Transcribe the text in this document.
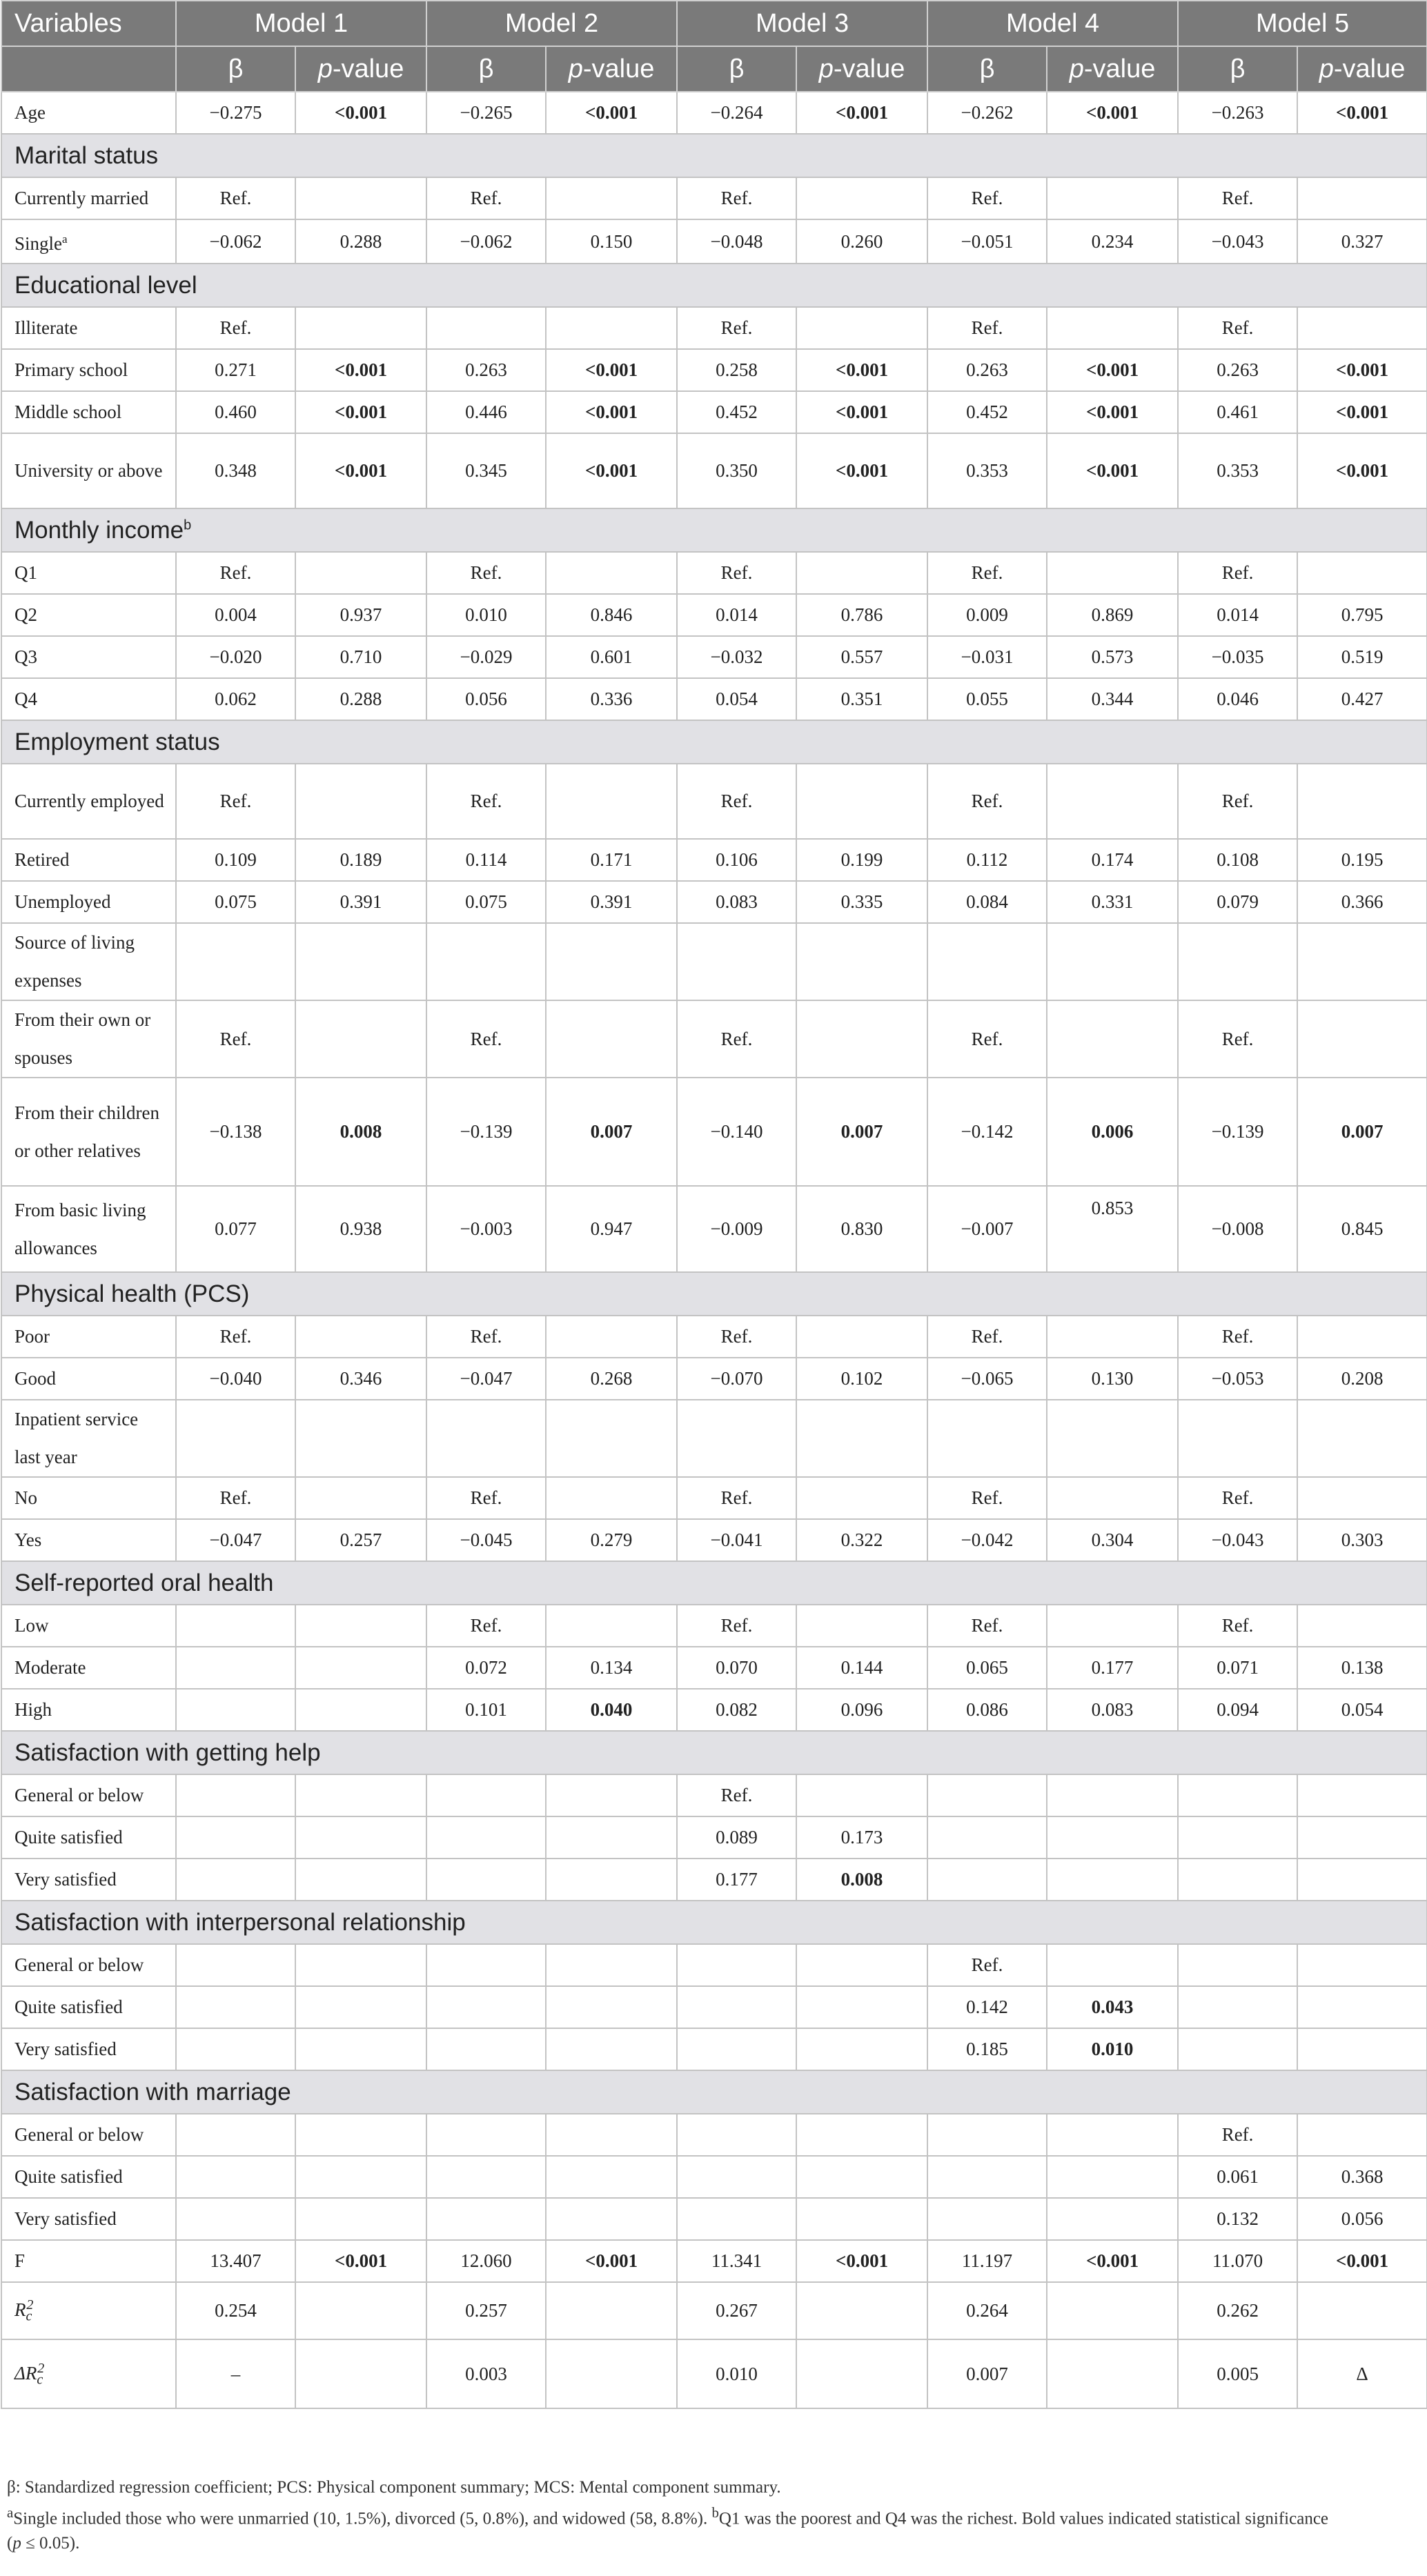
Variables	Model 1		Model 2		Model 3		Model 4		Model 5	
	β	p-value	β	p-value	β	p-value	β	p-value	β	p-value
Age	−0.275	<0.001	−0.265	<0.001	−0.264	<0.001	−0.262	<0.001	−0.263	<0.001
Marital status										
Currently married	Ref.		Ref.		Ref.		Ref.		Ref.	
Single$^a$	−0.062	0.288	−0.062	0.150	−0.048	0.260	−0.051	0.234	−0.043	0.327
Educational level										
Illiterate	Ref.				Ref.		Ref.		Ref.	
Primary school	0.271	<0.001	0.263	<0.001	0.258	<0.001	0.263	<0.001	0.263	<0.001
Middle school	0.460	<0.001	0.446	<0.001	0.452	<0.001	0.452	<0.001	0.461	<0.001
University or above	0.348	<0.001	0.345	<0.001	0.350	<0.001	0.353	<0.001	0.353	<0.001
Monthly income$^b$
Q1	Ref.		Ref.		Ref.		Ref.		Ref.	
Q2	0.004	0.937	0.010	0.846	0.014	0.786	0.009	0.869	0.014	0.795
Q3	−0.020	0.710	−0.029	0.601	−0.032	0.557	−0.031	0.573	−0.035	0.519
Q4	0.062	0.288	0.056	0.336	0.054	0.351	0.055	0.344	0.046	0.427
Employment status										
Currently employed	Ref.		Ref.		Ref.		Ref.		Ref.	
Retired	0.109	0.189	0.114	0.171	0.106	0.199	0.112	0.174	0.108	0.195
Unemployed	0.075	0.391	0.075	0.391	0.083	0.335	0.084	0.331	0.079	0.366
Source of living expenses										
From their own or spouses	Ref.		Ref.		Ref.		Ref.		Ref.	
From their children or other relatives	−0.138	0.008	−0.139	0.007	−0.140	0.007	−0.142	0.006	−0.139	0.007
From basic living allowances	0.077	0.938	−0.003	0.947	−0.009	0.830	−0.007	0.853	−0.008	0.845
Physical health (PCS)										
Poor	Ref.		Ref.		Ref.		Ref.		Ref.	
Good	−0.040	0.346	−0.047	0.268	−0.070	0.102	−0.065	0.130	−0.053	0.208
Inpatient service last year										
No	Ref.		Ref.		Ref.		Ref.		Ref.	
Yes	−0.047	0.257	−0.045	0.279	−0.041	0.322	−0.042	0.304	−0.043	0.303
Self-reported oral health										
Low			Ref.		Ref.		Ref.		Ref.	
Moderate			0.072	0.134	0.070	0.144	0.065	0.177	0.071	0.138
High			0.101	0.040	0.082	0.096	0.086	0.083	0.094	0.054
Satisfaction with getting help										
General or below					Ref.					
Quite satisfied					0.089	0.173				
Very satisfied					0.177	0.008				
Satisfaction with interpersonal relationship										
General or below							Ref.			
Quite satisfied							0.142	0.043		
Very satisfied							0.185	0.010		
Satisfaction with marriage										
General or below									Ref.	
Quite satisfied									0.061	0.368
Very satisfied									0.132	0.056
F	13.407	<0.001	12.060	<0.001	11.341	<0.001	11.197	<0.001	11.070	<0.001
$R_c^2$	0.254		0.257		0.267		0.264		0.262	
$\Delta R_c^2$	–		0.003		0.010		0.007		0.005	Δ
β: Standardized regression coefficient; PCS: Physical component summary; MCS: Mental component summary.
$^a$Single included those who were unmarried (10, 1.5%), divorced (5, 0.8%), and widowed (58, 8.8%). $^b$Q1 was the poorest and Q4 was the richest. Bold values indicated statistical significance
(p ≤ 0.05).
